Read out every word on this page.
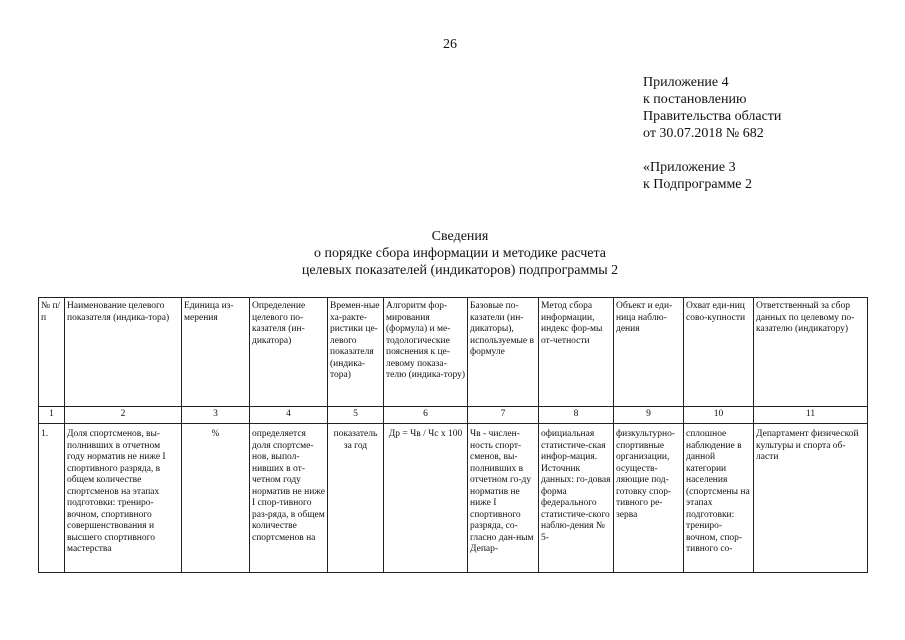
26
Приложение 4
к постановлению
Правительства области
от 30.07.2018 № 682
«Приложение 3
к Подпрограмме 2
Сведения
о порядке сбора информации и методике расчета
целевых показателей (индикаторов) подпрограммы 2
№ п/п	Наименование целевого показателя (индика-тора)	Единица из-мерения	Определение целевого по-казателя (ин-дикатора)	Времен-ные ха-ракте-ристики це-левого показателя (индика-тора)	Алгоритм фор-мирования (формула) и ме-тодологические пояснения к це-левому показа-телю (индика-тору)	Базовые по-казатели (ин-дикаторы), используемые в формуле	Метод сбора информации, индекс фор-мы от-четности	Объект и еди-ница наблю-дения	Охват еди-ниц сово-купности	Ответственный за сбор данных по целевому по-казателю (индикатору)
1	2	3	4	5	6	7	8	9	10	11
1.	Доля спортсменов, вы-полнивших в отчетном году норматив не ниже I спортивного разряда, в общем количестве спортсменов на этапах подготовки: трениро-вочном, спортивного совершенствования и высшего спортивного мастерства	%	определяется доля спортсме-нов, выпол-нивших в от-четном году норматив не ниже I спор-тивного раз-ряда, в общем количестве спортсменов на	показатель за год	Др = Чв / Чс x 100	Чв - числен-ность спорт-сменов, вы-полнивших в отчетном го-ду норматив не ниже I спортивного разряда, со-гласно дан-ным Депар-	официальная статистиче-ская инфор-мация. Источник данных: го-довая форма федерального статистиче-ского наблю-дения № 5-	физкультурно-спортивные организации, осуществ-ляющие под-готовку спор-тивного ре-зерва	сплошное наблюдение в данной категории населения (спортсмены на этапах подготовки: трениро-вочном, спор-тивного со-	Департамент физической культуры и спорта об-ласти
